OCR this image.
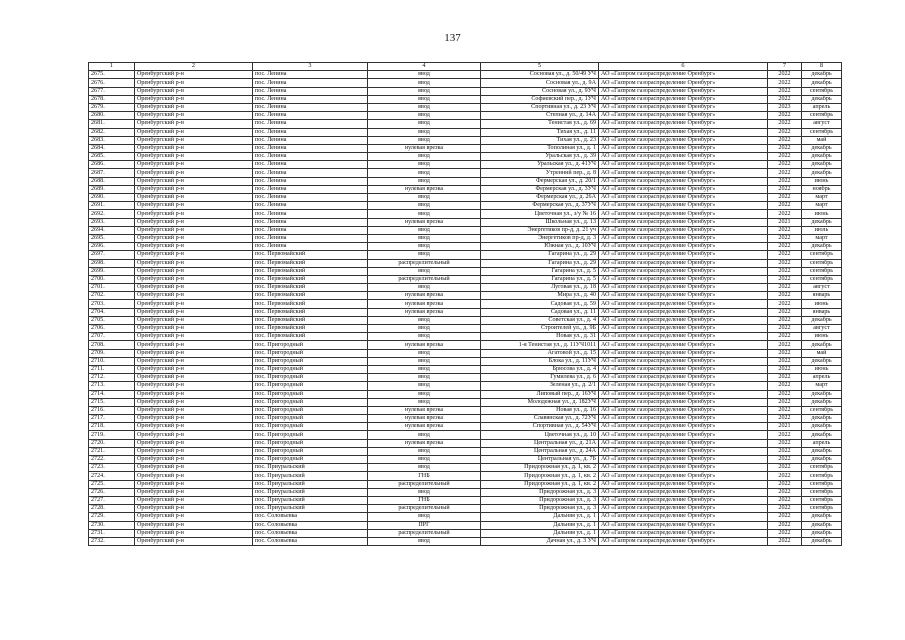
137
1	2	3	4	5	6	7	8
2675.	Оренбургский р-н	пос. Ленина	ввод	Сосновая ул., д. 50/49 УЧ	АО «Газпром газораспределение Оренбург»	2022	декабрь
2676.	Оренбургский р-н	пос. Ленина	ввод	Сосновая ул., д. 9А	АО «Газпром газораспределение Оренбург»	2022	декабрь
2677.	Оренбургский р-н	пос. Ленина	ввод	Сосновая ул., д. 9УЧ	АО «Газпром газораспределение Оренбург»	2022	сентябрь
2678.	Оренбургский р-н	пос. Ленина	ввод	Софиевский пер., д. 1УЧ	АО «Газпром газораспределение Оренбург»	2022	декабрь
2679.	Оренбургский р-н	пос. Ленина	ввод	Спортивная ул., д. 23 УЧ	АО «Газпром газораспределение Оренбург»	2023	апрель
2680.	Оренбургский р-н	пос. Ленина	ввод	Степная ул., д. 14А	АО «Газпром газораспределение Оренбург»	2022	сентябрь
2681.	Оренбургский р-н	пос. Ленина	ввод	Тенистая ул., д. 69	АО «Газпром газораспределение Оренбург»	2022	август
2682.	Оренбургский р-н	пос. Ленина	ввод	Тихая ул., д. 11	АО «Газпром газораспределение Оренбург»	2022	сентябрь
2683.	Оренбургский р-н	пос. Ленина	ввод	Тихая ул., д. 23	АО «Газпром газораспределение Оренбург»	2022	май
2684.	Оренбургский р-н	пос. Ленина	нулевая врезка	Тополиная ул., д. 1	АО «Газпром газораспределение Оренбург»	2022	декабрь
2685.	Оренбургский р-н	пос. Ленина	ввод	Уральская ул., д. 39	АО «Газпром газораспределение Оренбург»	2022	декабрь
2686.	Оренбургский р-н	пос. Ленина	ввод	Уральская ул., д. 41УЧ	АО «Газпром газораспределение Оренбург»	2022	декабрь
2687.	Оренбургский р-н	пос. Ленина	ввод	Утренний пер., д. 8	АО «Газпром газораспределение Оренбург»	2022	декабрь
2688.	Оренбургский р-н	пос. Ленина	ввод	Фермерская ул., д. 20/1	АО «Газпром газораспределение Оренбург»	2022	июнь
2689.	Оренбургский р-н	пос. Ленина	нулевая врезка	Фермерская ул., д. 3УЧ	АО «Газпром газораспределение Оренбург»	2022	ноябрь
2690.	Оренбургский р-н	пос. Ленина	ввод	Фермерская ул., д. 26А	АО «Газпром газораспределение Оренбург»	2022	март
2691.	Оренбургский р-н	пос. Ленина	ввод	Фермерская ул., д. 37УЧ	АО «Газпром газораспределение Оренбург»	2022	март
2692.	Оренбургский р-н	пос. Ленина	ввод	Цветочная ул., з/у № 16	АО «Газпром газораспределение Оренбург»	2022	июнь
2693.	Оренбургский р-н	пос. Ленина	нулевая врезка	Школьная ул., д. 13	АО «Газпром газораспределение Оренбург»	2021	декабрь
2694.	Оренбургский р-н	пос. Ленина	ввод	Энергетиков пр-д, д. 21 уч	АО «Газпром газораспределение Оренбург»	2022	июль
2695.	Оренбургский р-н	пос. Ленина	ввод	Энергетиков пр-д, д. 3	АО «Газпром газораспределение Оренбург»	2022	март
2696.	Оренбургский р-н	пос. Ленина	ввод	Южная ул., д. 10УЧ	АО «Газпром газораспределение Оренбург»	2022	декабрь
2697.	Оренбургский р-н	пос. Первомайский	ввод	Гагарина ул., д. 29	АО «Газпром газораспределение Оренбург»	2022	сентябрь
2698.	Оренбургский р-н	пос. Первомайский	распределительный	Гагарина ул., д. 29	АО «Газпром газораспределение Оренбург»	2022	сентябрь
2699.	Оренбургский р-н	пос. Первомайский	ввод	Гагарина ул., д. 5	АО «Газпром газораспределение Оренбург»	2022	сентябрь
2700.	Оренбургский р-н	пос. Первомайский	распределительный	Гагарина ул., д. 5	АО «Газпром газораспределение Оренбург»	2022	сентябрь
2701.	Оренбургский р-н	пос. Первомайский	ввод	Луговая ул., д. 18	АО «Газпром газораспределение Оренбург»	2022	август
2702.	Оренбургский р-н	пос. Первомайский	нулевая врезка	Мира ул., д. 40	АО «Газпром газораспределение Оренбург»	2022	январь
2703.	Оренбургский р-н	пос. Первомайский	нулевая врезка	Садовая ул., д. 59	АО «Газпром газораспределение Оренбург»	2022	июнь
2704.	Оренбургский р-н	пос. Первомайский	нулевая врезка	Садовая ул., д. 11	АО «Газпром газораспределение Оренбург»	2022	январь
2705.	Оренбургский р-н	пос. Первомайский	ввод	Советская ул., д. 4	АО «Газпром газораспределение Оренбург»	2022	декабрь
2706.	Оренбургский р-н	пос. Первомайский	ввод	Строителей ул., д. 9Б	АО «Газпром газораспределение Оренбург»	2022	август
2707.	Оренбургский р-н	пос. Первомайский	ввод	Новая ул., д. 31	АО «Газпром газораспределение Оренбург»	2022	июнь
2708.	Оренбургский р-н	пос. Пригородный	нулевая врезка	1-я Тенистая ул., д. 11УЧ1011	АО «Газпром газораспределение Оренбург»	2022	декабрь
2709.	Оренбургский р-н	пос. Пригородный	ввод	Агатовой ул., д. 15	АО «Газпром газораспределение Оренбург»	2022	май
2710.	Оренбургский р-н	пос. Пригородный	ввод	Блока ул., д. 11УЧ	АО «Газпром газораспределение Оренбург»	2022	декабрь
2711.	Оренбургский р-н	пос. Пригородный	ввод	Брюсова ул., д. 4	АО «Газпром газораспределение Оренбург»	2022	июнь
2712.	Оренбургский р-н	пос. Пригородный	ввод	Гумилева ул., д. 6	АО «Газпром газораспределение Оренбург»	2022	апрель
2713.	Оренбургский р-н	пос. Пригородный	ввод	Зеленая ул., д. 2/1	АО «Газпром газораспределение Оренбург»	2022	март
2714.	Оренбургский р-н	пос. Пригородный	ввод	Липовый пер., д. 16УЧ	АО «Газпром газораспределение Оренбург»	2022	декабрь
2715.	Оренбургский р-н	пос. Пригородный	ввод	Молодежная ул., д. 182УЧ	АО «Газпром газораспределение Оренбург»	2022	декабрь
2716.	Оренбургский р-н	пос. Пригородный	нулевая врезка	Новая ул., д. 16	АО «Газпром газораспределение Оренбург»	2022	сентябрь
2717.	Оренбургский р-н	пос. Пригородный	нулевая врезка	Славянская ул., д. 72УЧ	АО «Газпром газораспределение Оренбург»	2022	декабрь
2718.	Оренбургский р-н	пос. Пригородный	нулевая врезка	Спортивная ул., д. 54УЧ	АО «Газпром газораспределение Оренбург»	2021	декабрь
2719.	Оренбургский р-н	пос. Пригородный	ввод	Цветочная ул., д. 10	АО «Газпром газораспределение Оренбург»	2022	декабрь
2720.	Оренбургский р-н	пос. Пригородный	нулевая врезка	Центральная ул., д. 21А	АО «Газпром газораспределение Оренбург»	2022	апрель
2721.	Оренбургский р-н	пос. Пригородный	ввод	Центральная ул., д. 24А	АО «Газпром газораспределение Оренбург»	2022	декабрь
2722.	Оренбургский р-н	пос. Пригородный	ввод	Центральная ул., д. 7Б	АО «Газпром газораспределение Оренбург»	2022	декабрь
2723.	Оренбургский р-н	пос. Приуральский	ввод	Придорожная ул., д. 1, кв. 2	АО «Газпром газораспределение Оренбург»	2022	сентябрь
2724.	Оренбургский р-н	пос. Приуральский	ГНБ	Придорожная ул., д. 1, кв. 2	АО «Газпром газораспределение Оренбург»	2022	сентябрь
2725.	Оренбургский р-н	пос. Приуральский	распределительный	Придорожная ул., д. 1, кв. 2	АО «Газпром газораспределение Оренбург»	2022	сентябрь
2726.	Оренбургский р-н	пос. Приуральский	ввод	Придорожная ул., д. 3	АО «Газпром газораспределение Оренбург»	2022	сентябрь
2727.	Оренбургский р-н	пос. Приуральский	ГНБ	Придорожная ул., д. 3	АО «Газпром газораспределение Оренбург»	2022	сентябрь
2728.	Оренбургский р-н	пос. Приуральский	распределительный	Придорожная ул., д. 3	АО «Газпром газораспределение Оренбург»	2022	сентябрь
2729.	Оренбургский р-н	пос. Соловьевка	ввод	Дальняя ул., д. 1	АО «Газпром газораспределение Оренбург»	2022	декабрь
2730.	Оренбургский р-н	пос. Соловьевка	ПРГ	Дальняя ул., д. 1	АО «Газпром газораспределение Оренбург»	2022	декабрь
2731.	Оренбургский р-н	пос. Соловьевка	распределительный	Дальняя ул., д. 1	АО «Газпром газораспределение Оренбург»	2022	декабрь
2732.	Оренбургский р-н	пос. Соловьевка	ввод	Дачная ул., д. 3 УЧ	АО «Газпром газораспределение Оренбург»	2022	декабрь
